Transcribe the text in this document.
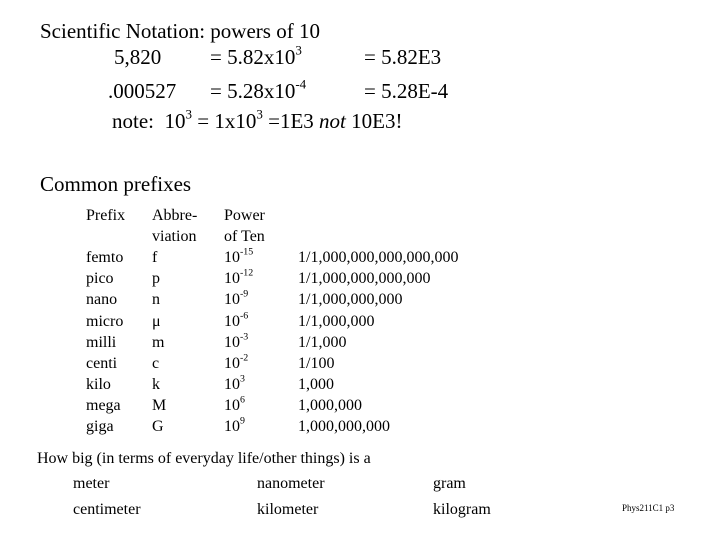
Scientific Notation: powers of 10
$5,820 = 5.82x10^3$	= 5.82E3
$.000527 = 5.28x10^{-4}$	= 5.28E-4
note: $10^3 = 1x10^3 =1E3$ not 10E3!
Common prefixes
Prefix	Abbre-	Power	
	viation	of Ten	
femto	f	$10^{-15}$	1/1,000,000,000,000,000
pico	p	$10^{-12}$	1/1,000,000,000,000
nano	n	$10^{-9}$	1/1,000,000,000
micro	μ	$10^{-6}$	1/1,000,000
milli	m	$10^{-3}$	1/1,000
centi	c	$10^{-2}$	1/100
kilo	k	$10^3$	1,000
mega	M	$10^6$	1,000,000
giga	G	$10^9$	1,000,000,000
How big (in terms of everyday life/other things) is a
meter	nanometer	gram
centimeter	kilometer	kilogram	Phys211C1 p3
